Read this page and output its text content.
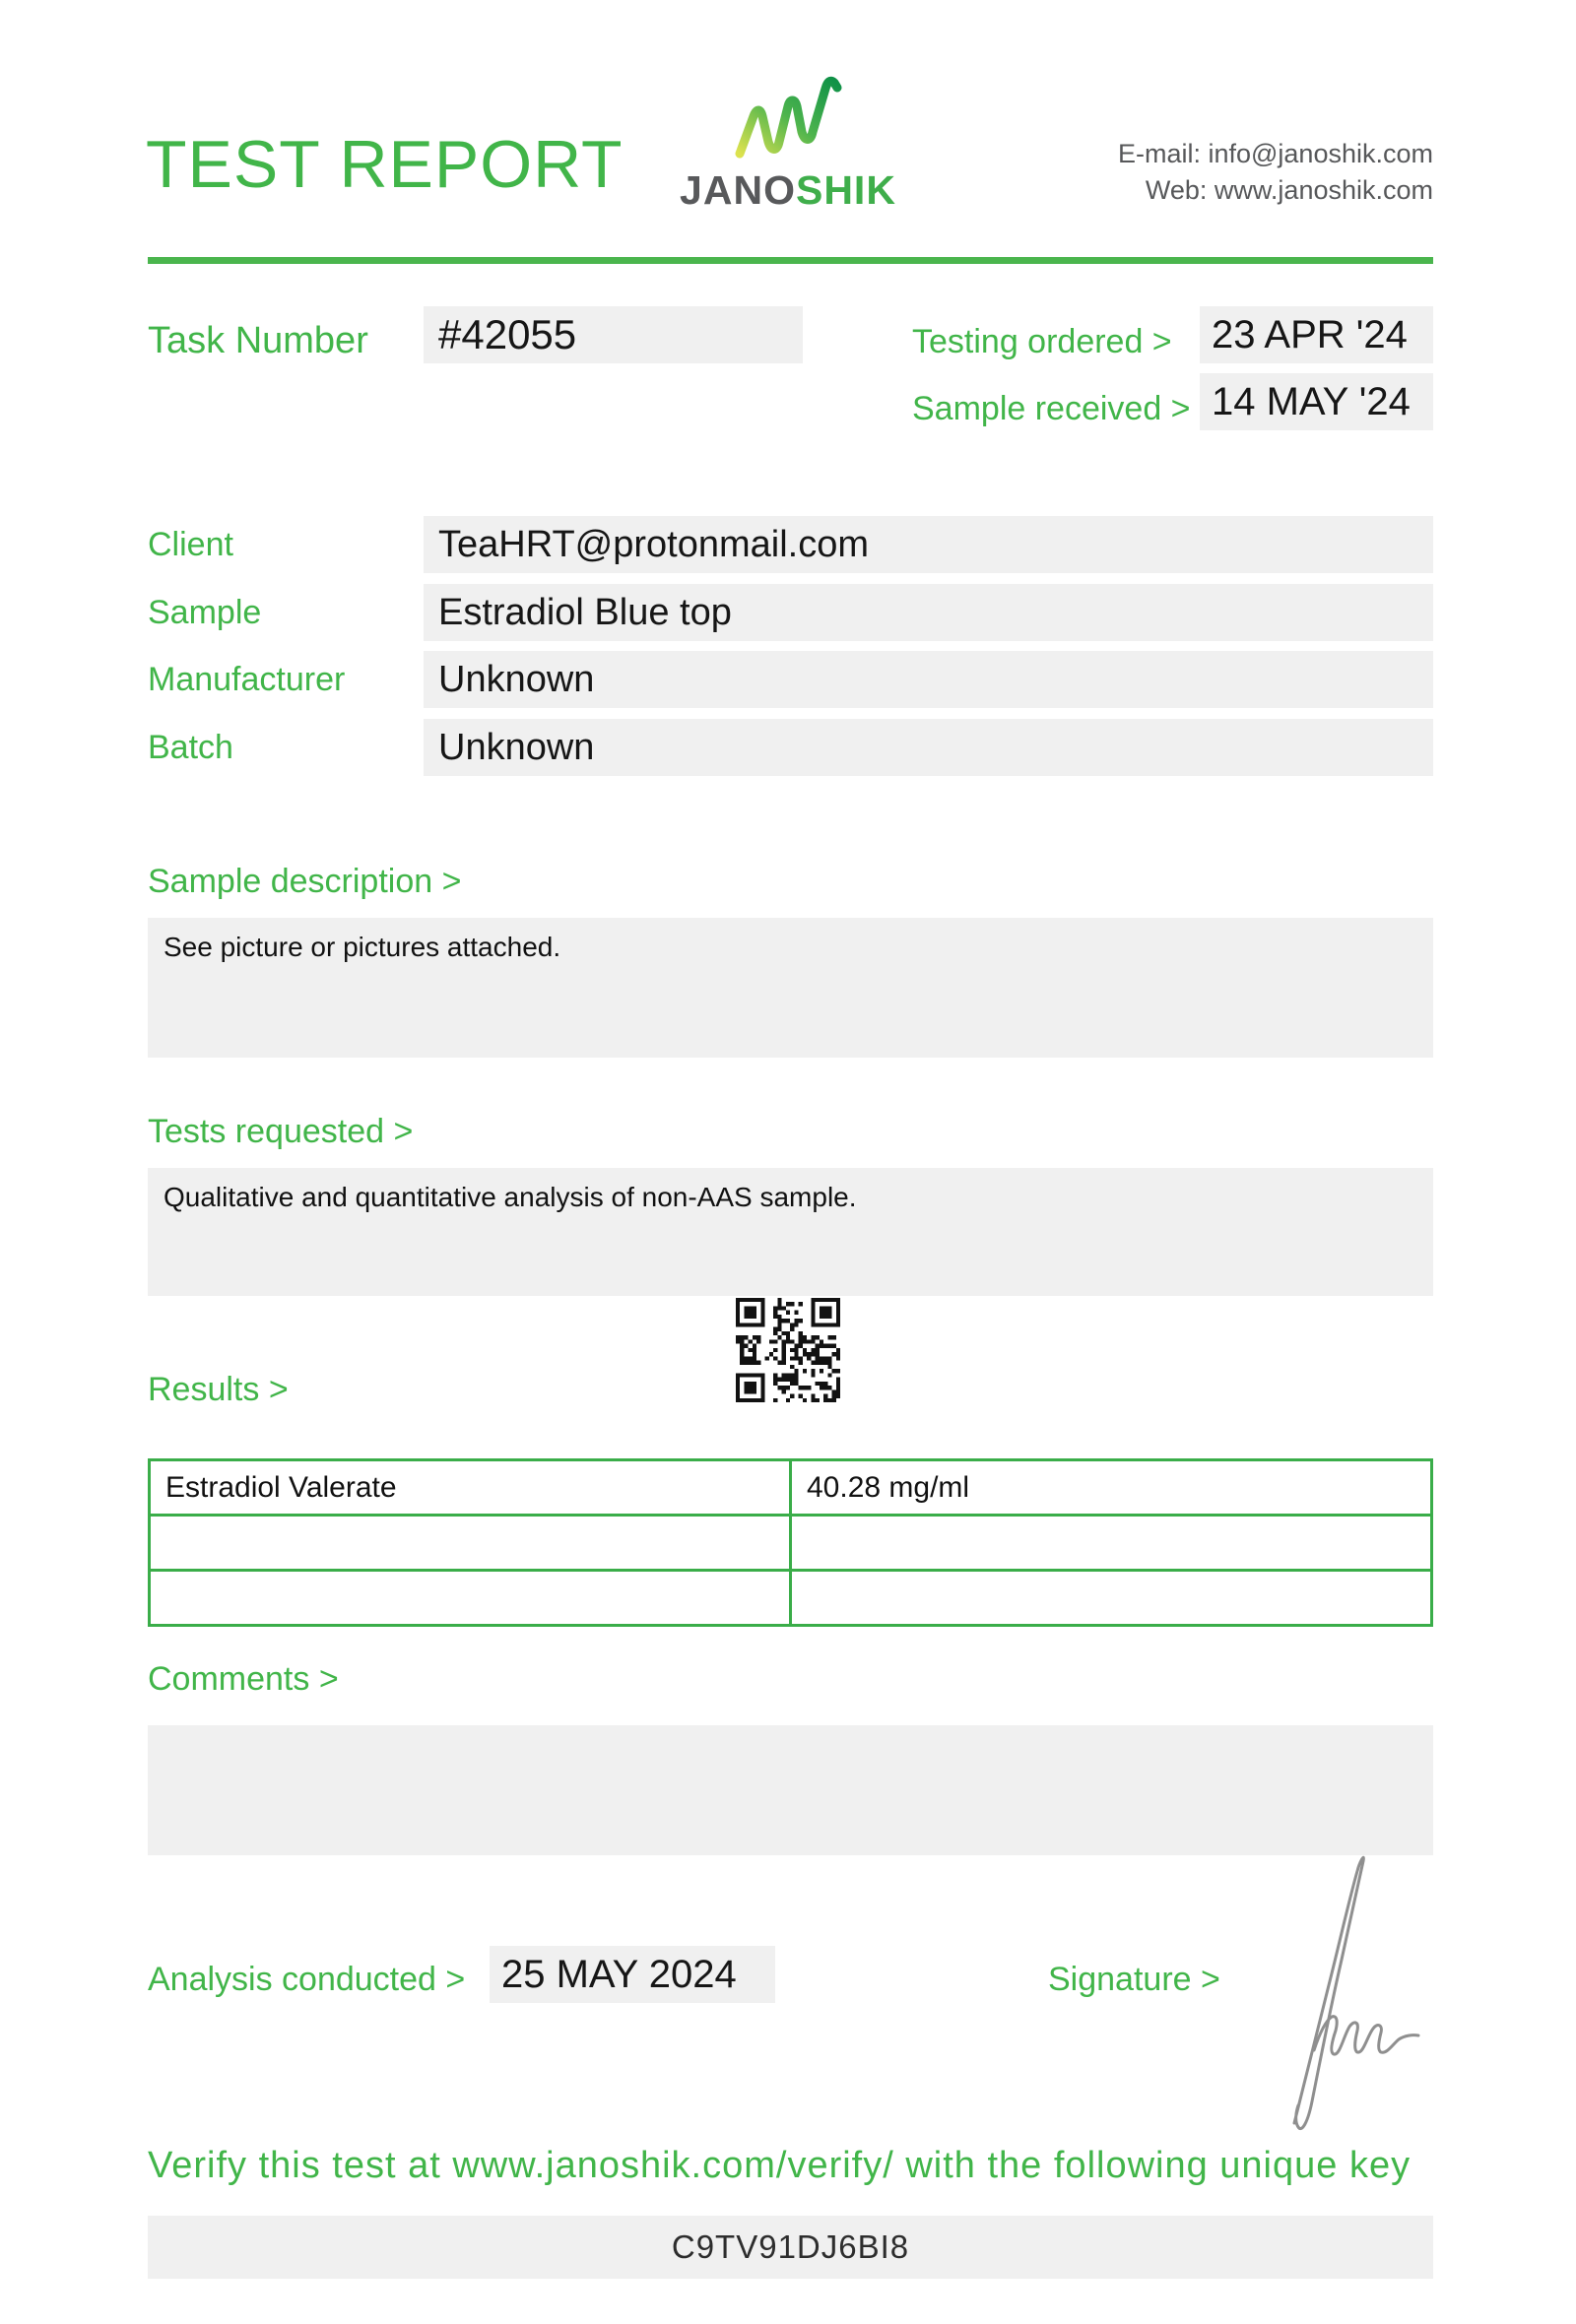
TEST REPORT JANOSHIK
E-mail: info@janoshik.com
Web: www.janoshik.com
Task Number	#42055	Testing ordered >	23 APR '24
Sample received > 14 MAY '24
Client	TeaHRT@protonmail.com
Sample	Estradiol Blue top
Manufacturer	Unknown
Batch	Unknown
Sample description >
See picture or pictures attached.
Tests requested >
Qualitative and quantitative analysis of non-AAS sample.
Results >
Estradiol Valerate	40.28 mg/ml

Comments >
Analysis conducted > 25 MAY 2024	Signature >
Verify this test at www.janoshik.com/verify/ with the following unique key
C9TV91DJ6BI8
